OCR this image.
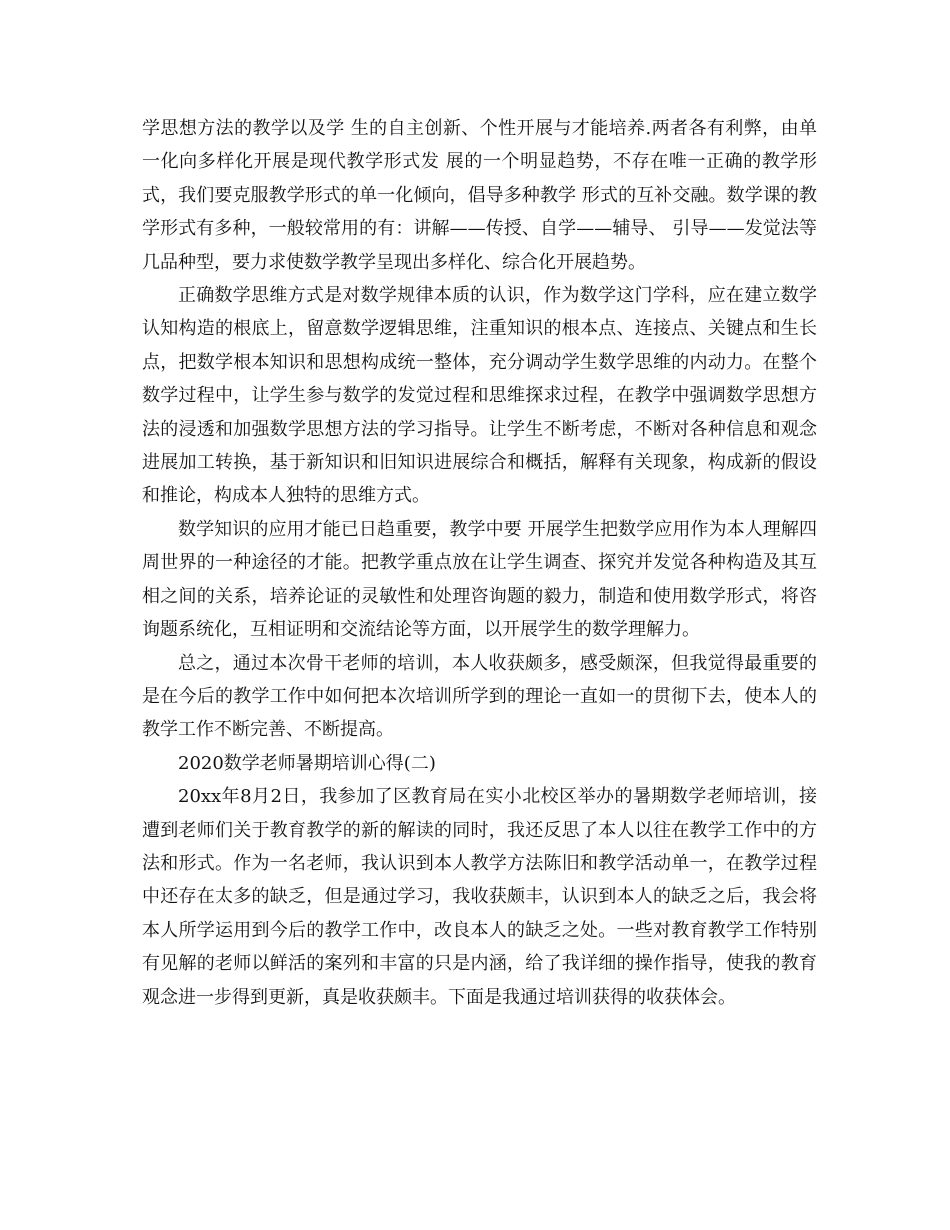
学思想方法的教学以及学 生的自主创新、个性开展与才能培养.两者各有利弊，由单一化向多样化开展是现代教学形式发 展的一个明显趋势，不存在唯一正确的教学形式，我们要克服教学形式的单一化倾向，倡导多种教学 形式的互补交融。数学课的教学形式有多种，一般较常用的有：讲解——传授、自学——辅导、 引导——发觉法等几品种型，要力求使数学教学呈现出多样化、综合化开展趋势。

正确数学思维方式是对数学规律本质的认识，作为数学这门学科，应在建立数学认知构造的根底上，留意数学逻辑思维，注重知识的根本点、连接点、关键点和生长点，把数学根本知识和思想构成统一整体，充分调动学生数学思维的内动力。在整个数学过程中，让学生参与数学的发觉过程和思维探求过程，在教学中强调数学思想方法的浸透和加强数学思想方法的学习指导。让学生不断考虑，不断对各种信息和观念进展加工转换，基于新知识和旧知识进展综合和概括，解释有关现象，构成新的假设和推论，构成本人独特的思维方式。

数学知识的应用才能已日趋重要，教学中要 开展学生把数学应用作为本人理解四周世界的一种途径的才能。把教学重点放在让学生调查、探究并发觉各种构造及其互相之间的关系，培养论证的灵敏性和处理咨询题的毅力，制造和使用数学形式，将咨询题系统化，互相证明和交流结论等方面，以开展学生的数学理解力。

总之，通过本次骨干老师的培训，本人收获颇多，感受颇深，但我觉得最重要的是在今后的教学工作中如何把本次培训所学到的理论一直如一的贯彻下去，使本人的教学工作不断完善、不断提高。

2020数学老师暑期培训心得(二)

20xx年8月2日，我参加了区教育局在实小北校区举办的暑期数学老师培训，接遭到老师们关于教育教学的新的解读的同时，我还反思了本人以往在教学工作中的方法和形式。作为一名老师，我认识到本人教学方法陈旧和教学活动单一，在教学过程中还存在太多的缺乏，但是通过学习，我收获颇丰，认识到本人的缺乏之后，我会将本人所学运用到今后的教学工作中，改良本人的缺乏之处。一些对教育教学工作特别有见解的老师以鲜活的案列和丰富的只是内涵，给了我详细的操作指导，使我的教育观念进一步得到更新，真是收获颇丰。下面是我通过培训获得的收获体会。
